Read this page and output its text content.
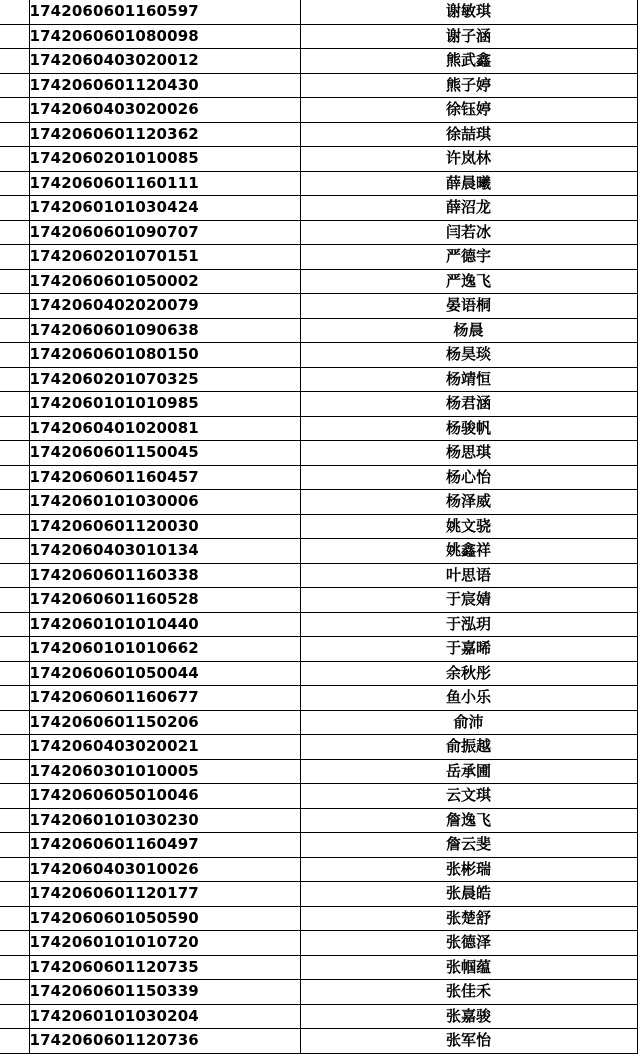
	1742060601160597	谢敏琪
	1742060601080098	谢子涵
	1742060403020012	熊武鑫
	1742060601120430	熊子婷
	1742060403020026	徐钰婷
	1742060601120362	徐喆琪
	1742060201010085	许岚林
	1742060601160111	薛晨曦
	1742060101030424	薛沼龙
	1742060601090707	闫若冰
	1742060201070151	严德宇
	1742060601050002	严逸飞
	1742060402020079	晏语桐
	1742060601090638	杨晨
	1742060601080150	杨昊琰
	1742060201070325	杨靖恒
	1742060101010985	杨君涵
	1742060401020081	杨骏帆
	1742060601150045	杨思琪
	1742060601160457	杨心怡
	1742060101030006	杨泽威
	1742060601120030	姚文骁
	1742060403010134	姚鑫祥
	1742060601160338	叶思语
	1742060601160528	于宸婧
	1742060101010440	于泓玥
	1742060101010662	于嘉晞
	1742060601050044	余秋彤
	1742060601160677	鱼小乐
	1742060601150206	俞沛
	1742060403020021	俞振越
	1742060301010005	岳承圃
	1742060605010046	云文琪
	1742060101030230	詹逸飞
	1742060601160497	詹云斐
	1742060403010026	张彬瑞
	1742060601120177	张晨皓
	1742060601050590	张楚舒
	1742060101010720	张德泽
	1742060601120735	张帼蕴
	1742060601150339	张佳禾
	1742060101030204	张嘉骏
	1742060601120736	张军怡
